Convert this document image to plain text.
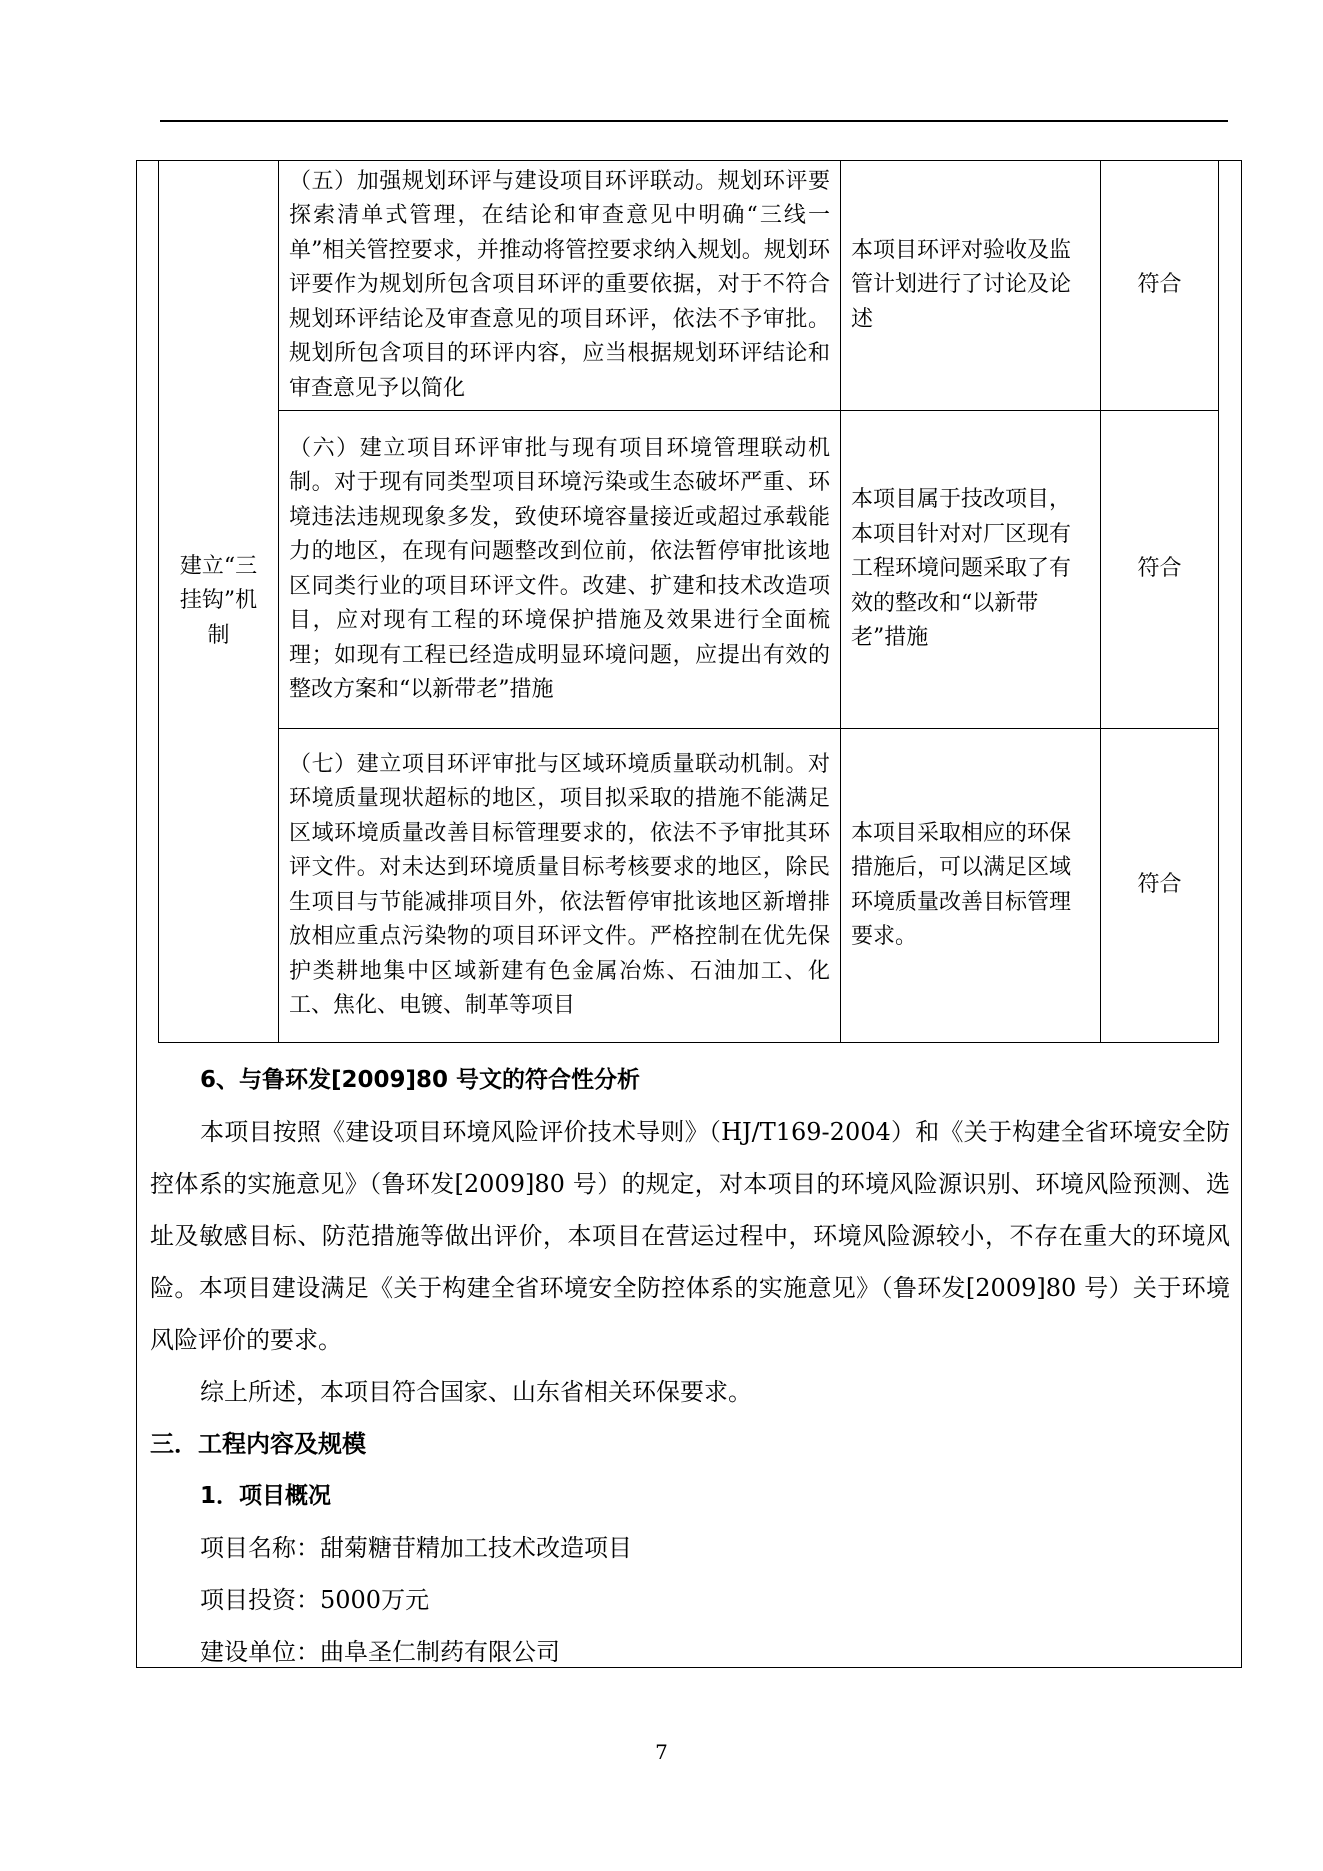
建立“三挂钩”机制	（五）加强规划环评与建设项目环评联动。规划环评要探索清单式管理，在结论和审查意见中明确“三线一单”相关管控要求，并推动将管控要求纳入规划。规划环评要作为规划所包含项目环评的重要依据，对于不符合规划环评结论及审查意见的项目环评，依法不予审批。规划所包含项目的环评内容，应当根据规划环评结论和审查意见予以简化	本项目环评对验收及监管计划进行了讨论及论述	符合
	（六）建立项目环评审批与现有项目环境管理联动机制。对于现有同类型项目环境污染或生态破坏严重、环境违法违规现象多发，致使环境容量接近或超过承载能力的地区，在现有问题整改到位前，依法暂停审批该地区同类行业的项目环评文件。改建、扩建和技术改造项目，应对现有工程的环境保护措施及效果进行全面梳理；如现有工程已经造成明显环境问题，应提出有效的整改方案和“以新带老”措施	本项目属于技改项目，本项目针对对厂区现有工程环境问题采取了有效的整改和“以新带老”措施	符合
	（七）建立项目环评审批与区域环境质量联动机制。对环境质量现状超标的地区，项目拟采取的措施不能满足区域环境质量改善目标管理要求的，依法不予审批其环评文件。对未达到环境质量目标考核要求的地区，除民生项目与节能减排项目外，依法暂停审批该地区新增排放相应重点污染物的项目环评文件。严格控制在优先保护类耕地集中区域新建有色金属冶炼、石油加工、化工、焦化、电镀、制革等项目	本项目采取相应的环保措施后，可以满足区域环境质量改善目标管理要求。	符合

6、与鲁环发[2009]80 号文的符合性分析

本项目按照《建设项目环境风险评价技术导则》（HJ/T169-2004）和《关于构建全省环境安全防控体系的实施意见》（鲁环发[2009]80 号）的规定，对本项目的环境风险源识别、环境风险预测、选址及敏感目标、防范措施等做出评价，本项目在营运过程中，环境风险源较小，不存在重大的环境风险。本项目建设满足《关于构建全省环境安全防控体系的实施意见》（鲁环发[2009]80 号）关于环境风险评价的要求。

综上所述，本项目符合国家、山东省相关环保要求。

三．工程内容及规模

1．项目概况

项目名称：甜菊糖苷精加工技术改造项目

项目投资：5000万元

建设单位：曲阜圣仁制药有限公司

7
